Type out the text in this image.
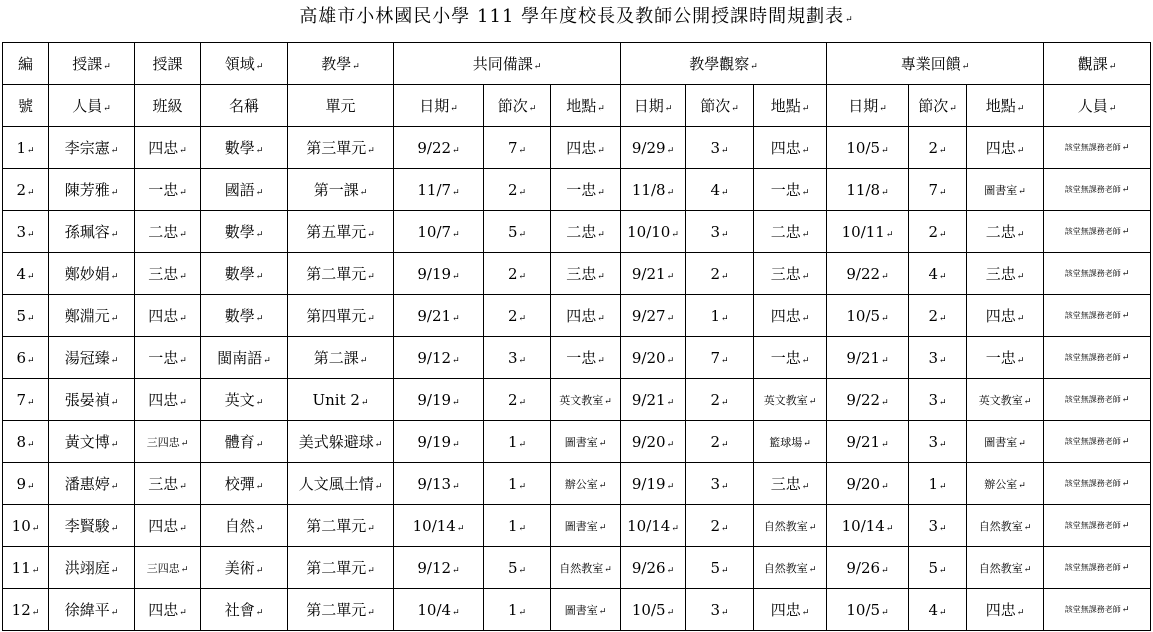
高雄市小林國民小學 111 學年度校長及教師公開授課時間規劃表 ↵
編	授課 ↵	授課	領域 ↵	教學 ↵	共同備課 ↵			教學觀察 ↵			專業回饋 ↵			觀課 ↵
號	人員 ↵	班級	名稱	單元	日期 ↵	節次 ↵	地點 ↵	日期 ↵	節次 ↵	地點 ↵	日期 ↵	節次 ↵	地點 ↵	人員 ↵
1 ↵	李宗憲 ↵	四忠 ↵	數學 ↵	第三單元 ↵	9/22 ↵	7 ↵	四忠 ↵	9/29 ↵	3 ↵	四忠 ↵	10/5 ↵	2 ↵	四忠 ↵	該堂無課務老師 ↵
2 ↵	陳芳雅 ↵	一忠 ↵	國語 ↵	第一課 ↵	11/7 ↵	2 ↵	一忠 ↵	11/8 ↵	4 ↵	一忠 ↵	11/8 ↵	7 ↵	圖書室 ↵	該堂無課務老師 ↵
3 ↵	孫珮容 ↵	二忠 ↵	數學 ↵	第五單元 ↵	10/7 ↵	5 ↵	二忠 ↵	10/10 ↵	3 ↵	二忠 ↵	10/11 ↵	2 ↵	二忠 ↵	該堂無課務老師 ↵
4 ↵	鄭妙娟 ↵	三忠 ↵	數學 ↵	第二單元 ↵	9/19 ↵	2 ↵	三忠 ↵	9/21 ↵	2 ↵	三忠 ↵	9/22 ↵	4 ↵	三忠 ↵	該堂無課務老師 ↵
5 ↵	鄭淵元 ↵	四忠 ↵	數學 ↵	第四單元 ↵	9/21 ↵	2 ↵	四忠 ↵	9/27 ↵	1 ↵	四忠 ↵	10/5 ↵	2 ↵	四忠 ↵	該堂無課務老師 ↵
6 ↵	湯冠臻 ↵	一忠 ↵	閩南語 ↵	第二課 ↵	9/12 ↵	3 ↵	一忠 ↵	9/20 ↵	7 ↵	一忠 ↵	9/21 ↵	3 ↵	一忠 ↵	該堂無課務老師 ↵
7 ↵	張晏禎 ↵	四忠 ↵	英文 ↵	Unit 2 ↵	9/19 ↵	2 ↵	英文教室 ↵	9/21 ↵	2 ↵	英文教室 ↵	9/22 ↵	3 ↵	英文教室 ↵	該堂無課務老師 ↵
8 ↵	黃文博 ↵	三四忠 ↵	體育 ↵	美式躲避球 ↵	9/19 ↵	1 ↵	圖書室 ↵	9/20 ↵	2 ↵	籃球場 ↵	9/21 ↵	3 ↵	圖書室 ↵	該堂無課務老師 ↵
9 ↵	潘惠婷 ↵	三忠 ↵	校彈 ↵	人文風土情 ↵	9/13 ↵	1 ↵	辦公室 ↵	9/19 ↵	3 ↵	三忠 ↵	9/20 ↵	1 ↵	辦公室 ↵	該堂無課務老師 ↵
10 ↵	李賢駿 ↵	四忠 ↵	自然 ↵	第二單元 ↵	10/14 ↵	1 ↵	圖書室 ↵	10/14 ↵	2 ↵	自然教室 ↵	10/14 ↵	3 ↵	自然教室 ↵	該堂無課務老師 ↵
11 ↵	洪翊庭 ↵	三四忠 ↵	美術 ↵	第二單元 ↵	9/12 ↵	5 ↵	自然教室 ↵	9/26 ↵	5 ↵	自然教室 ↵	9/26 ↵	5 ↵	自然教室 ↵	該堂無課務老師 ↵
12 ↵	徐緯平 ↵	四忠 ↵	社會 ↵	第二單元 ↵	10/4 ↵	1 ↵	圖書室 ↵	10/5 ↵	3 ↵	四忠 ↵	10/5 ↵	4 ↵	四忠 ↵	該堂無課務老師 ↵
